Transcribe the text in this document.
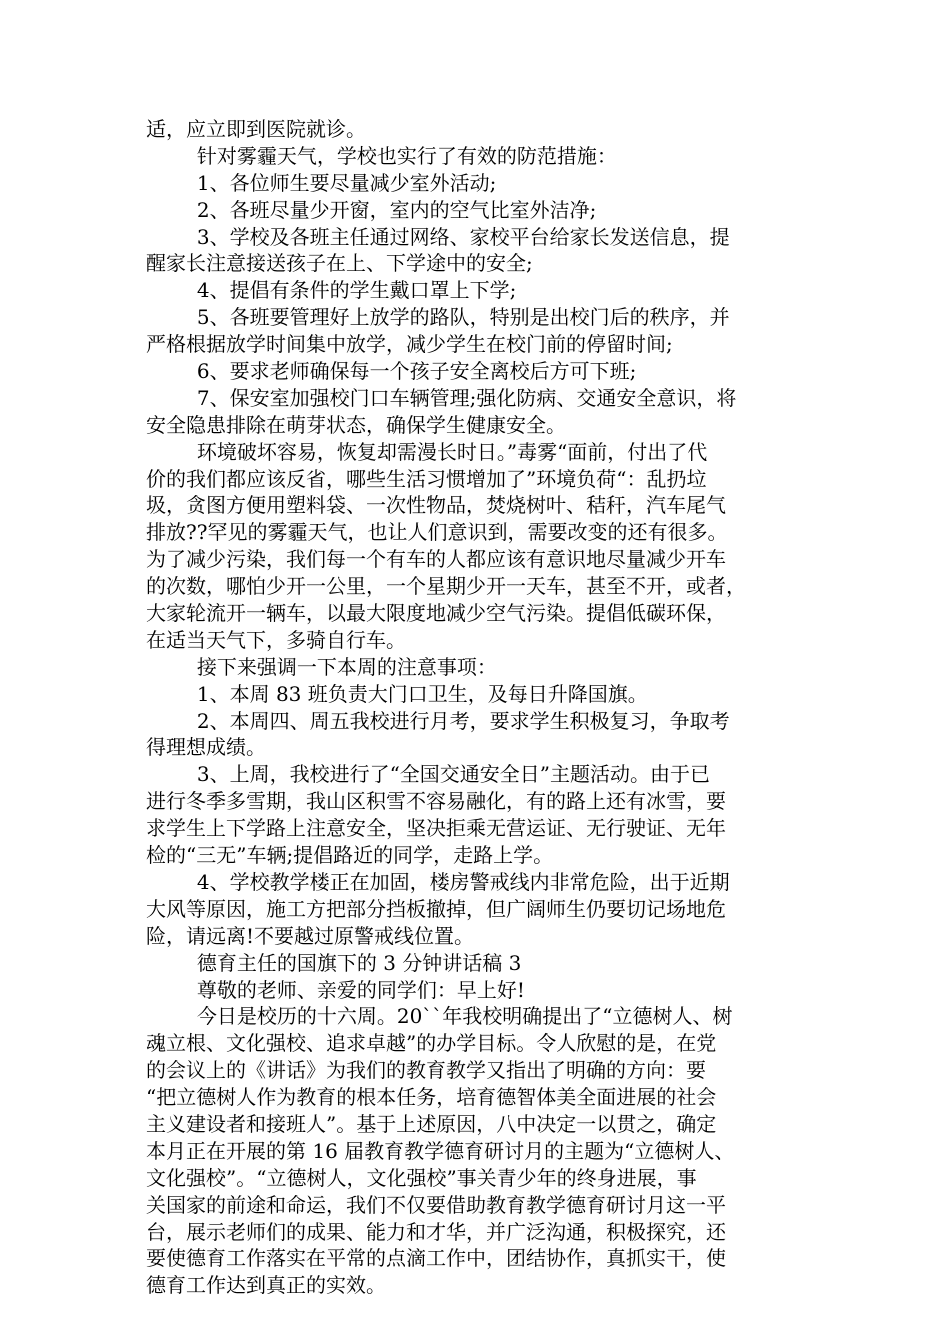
适，应立即到医院就诊。
针对雾霾天气，学校也实行了有效的防范措施：
1、各位师生要尽量减少室外活动;
2、各班尽量少开窗，室内的空气比室外洁净;
3、学校及各班主任通过网络、家校平台给家长发送信息，提
醒家长注意接送孩子在上、下学途中的安全;
4、提倡有条件的学生戴口罩上下学;
5、各班要管理好上放学的路队，特别是出校门后的秩序，并
严格根据放学时间集中放学，减少学生在校门前的停留时间;
6、要求老师确保每一个孩子安全离校后方可下班;
7、保安室加强校门口车辆管理;强化防病、交通安全意识，将
安全隐患排除在萌芽状态，确保学生健康安全。
环境破坏容易，恢复却需漫长时日。”毒雾“面前，付出了代
价的我们都应该反省，哪些生活习惯增加了”环境负荷“：乱扔垃
圾，贪图方便用塑料袋、一次性物品，焚烧树叶、秸秆，汽车尾气
排放??罕见的雾霾天气，也让人们意识到，需要改变的还有很多。
为了减少污染，我们每一个有车的人都应该有意识地尽量减少开车
的次数，哪怕少开一公里，一个星期少开一天车，甚至不开，或者，
大家轮流开一辆车，以最大限度地减少空气污染。提倡低碳环保，
在适当天气下，多骑自行车。
接下来强调一下本周的注意事项：
1、本周 83 班负责大门口卫生，及每日升降国旗。
2、本周四、周五我校进行月考，要求学生积极复习，争取考
得理想成绩。
3、上周，我校进行了“全国交通安全日”主题活动。由于已
进行冬季多雪期，我山区积雪不容易融化，有的路上还有冰雪，要
求学生上下学路上注意安全，坚决拒乘无营运证、无行驶证、无年
检的“三无”车辆;提倡路近的同学，走路上学。
4、学校教学楼正在加固，楼房警戒线内非常危险，出于近期
大风等原因，施工方把部分挡板撤掉，但广阔师生仍要切记场地危
险，请远离!不要越过原警戒线位置。
德育主任的国旗下的 3 分钟讲话稿 3
尊敬的老师、亲爱的同学们：早上好!
今日是校历的十六周。20``年我校明确提出了“立德树人、树
魂立根、文化强校、追求卓越”的办学目标。令人欣慰的是，在党
的会议上的《讲话》为我们的教育教学又指出了明确的方向：要
“把立德树人作为教育的根本任务，培育德智体美全面进展的社会
主义建设者和接班人”。基于上述原因，八中决定一以贯之，确定
本月正在开展的第 16 届教育教学德育研讨月的主题为“立德树人、
文化强校”。“立德树人，文化强校”事关青少年的终身进展，事
关国家的前途和命运，我们不仅要借助教育教学德育研讨月这一平
台，展示老师们的成果、能力和才华，并广泛沟通，积极探究，还
要使德育工作落实在平常的点滴工作中，团结协作，真抓实干，使
德育工作达到真正的实效。
